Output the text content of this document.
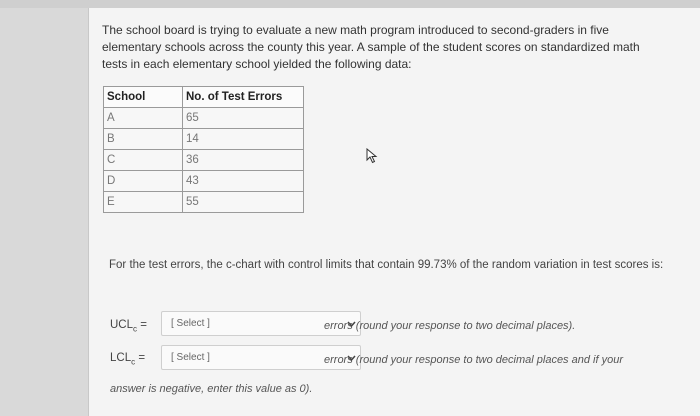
The school board is trying to evaluate a new math program introduced to second-graders in five elementary schools across the county this year. A sample of the student scores on standardized math tests in each elementary school yielded the following data:

School	No. of Test Errors
A	65
B	14
C	36
D	43
E	55

For the test errors, the c-chart with control limits that contain 99.73% of the random variation in test scores is:

$UCL_c$ =	[ Select ]	errors (round your response to two decimal places).
$LCL_c$ =	[ Select ]	errors (round your response to two decimal places and if your
answer is negative, enter this value as 0).
